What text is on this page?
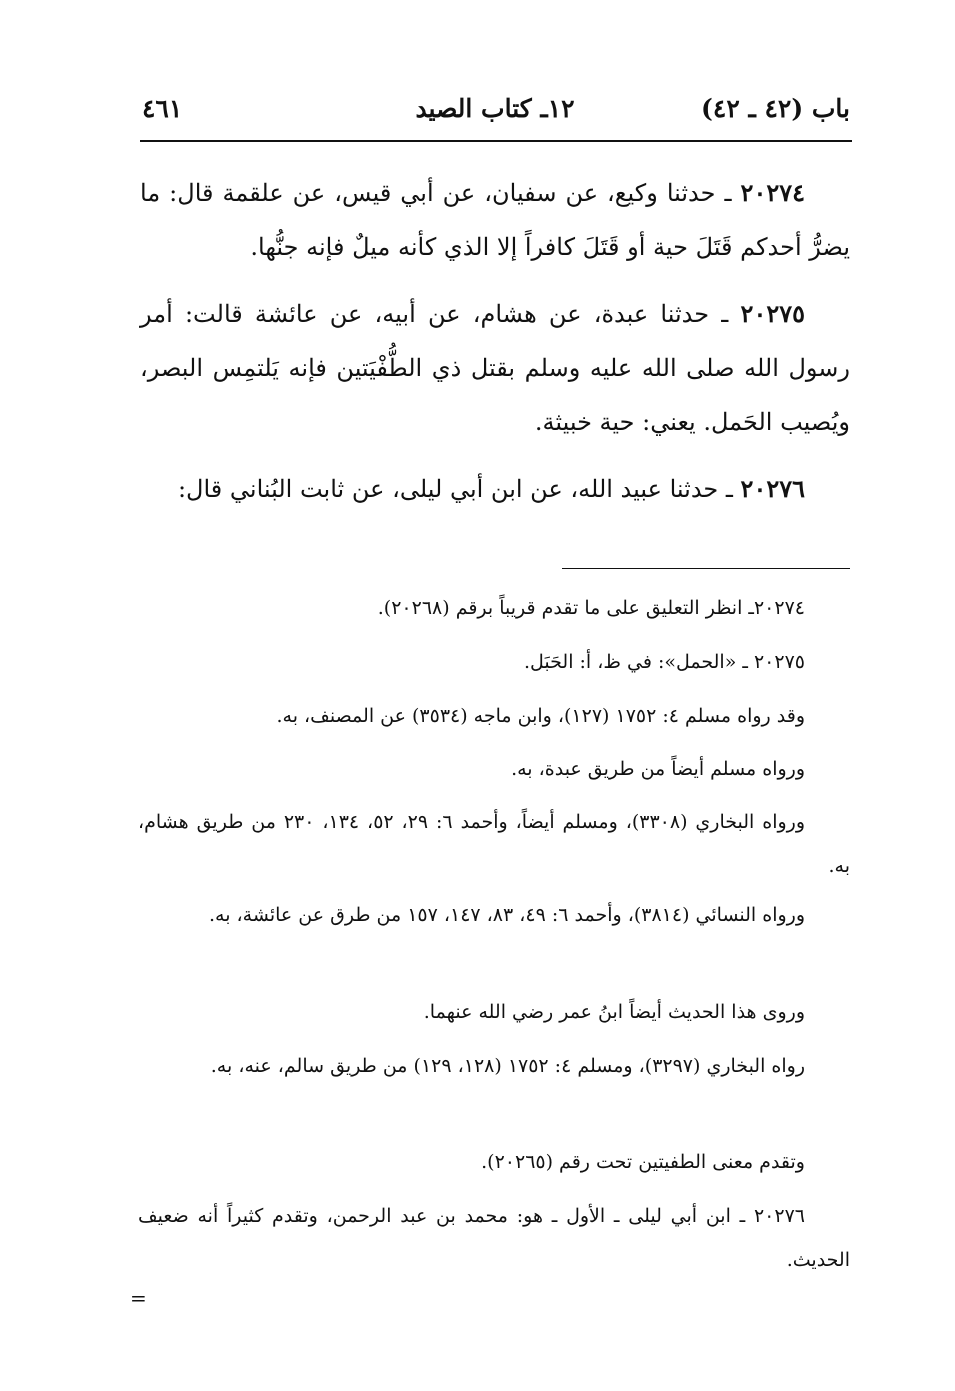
باب (٤٢ ـ ٤٢)
١٢ـ كتاب الصيد
٤٦١
٢٠٢٧٤ ـ حدثنا وكيع، عن سفيان، عن أبي قيس، عن علقمة قال: ما يضرُّ أحدكم قَتَلَ حية أو قَتَلَ كافراً إلا الذي كأنه ميلٌ فإنه جنُّها.
٢٠٢٧٥ ـ حدثنا عبدة، عن هشام، عن أبيه، عن عائشة قالت: أمر رسول الله صلى الله عليه وسلم بقتل ذي الطُّفْيَتين فإنه يَلتمِس البصر، ويُصيب الحَمل. يعني: حية خبيثة.
٢٠٢٧٦ ـ حدثنا عبيد الله، عن ابن أبي ليلى، عن ثابت البُناني قال:
٢٠٢٧٤ـ انظر التعليق على ما تقدم قريباً برقم (٢٠٢٦٨).
٢٠٢٧٥ ـ «الحمل»: في ظ، أ: الحَبَل.
وقد رواه مسلم ٤: ١٧٥٢ (١٢٧)، وابن ماجه (٣٥٣٤) عن المصنف، به.
ورواه مسلم أيضاً من طريق عبدة، به.
ورواه البخاري (٣٣٠٨)، ومسلم أيضاً، وأحمد ٦: ٢٩، ٥٢، ١٣٤، ٢٣٠ من طريق هشام، به.
ورواه النسائي (٣٨١٤)، وأحمد ٦: ٤٩، ٨٣، ١٤٧، ١٥٧ من طرق عن عائشة، به.
وروى هذا الحديث أيضاً ابنُ عمر رضي الله عنهما.
رواه البخاري (٣٢٩٧)، ومسلم ٤: ١٧٥٢ (١٢٨، ١٢٩) من طريق سالم، عنه، به.
وتقدم معنى الطفيتين تحت رقم (٢٠٢٦٥).
٢٠٢٧٦ ـ ابن أبي ليلى ـ الأول ـ هو: محمد بن عبد الرحمن، وتقدم كثيراً أنه ضعيف الحديث.
=
